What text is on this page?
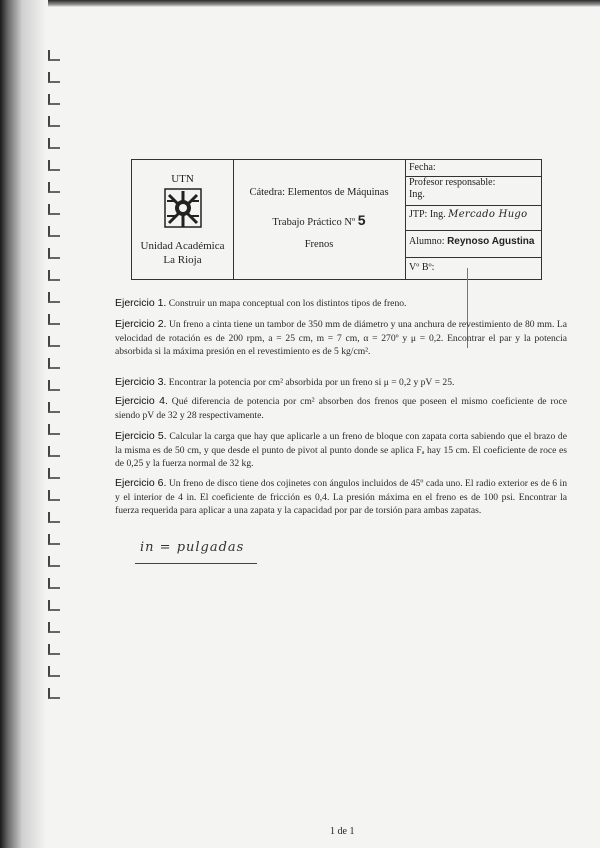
UTN
Unidad Académica
La Rioja
Cátedra: Elementos de Máquinas
Trabajo Práctico Nº 5
Frenos
Fecha:
Profesor responsable:
Ing.
JTP: Ing. Mercado Hugo
Alumno: Reynoso Agustina
Vº Bº:
Ejercicio 1. Construir un mapa conceptual con los distintos tipos de freno.
Ejercicio 2. Un freno a cinta tiene un tambor de 350 mm de diámetro y una anchura de revestimiento de 80 mm. La velocidad de rotación es de 200 rpm, a = 25 cm, m = 7 cm, α = 270º y μ = 0,2. Encontrar el par y la potencia absorbida si la máxima presión en el revestimiento es de 5 kg/cm².
Ejercicio 3. Encontrar la potencia por cm² absorbida por un freno si μ = 0,2 y pV = 25.
Ejercicio 4. Qué diferencia de potencia por cm² absorben dos frenos que poseen el mismo coeficiente de roce siendo pV de 32 y 28 respectivamente.
Ejercicio 5. Calcular la carga que hay que aplicarle a un freno de bloque con zapata corta sabiendo que el brazo de la misma es de 50 cm, y que desde el punto de pivot al punto donde se aplica Fₐ hay 15 cm. El coeficiente de roce es de 0,25 y la fuerza normal de 32 kg.
Ejercicio 6. Un freno de disco tiene dos cojinetes con ángulos incluidos de 45º cada uno. El radio exterior es de 6 in y el interior de 4 in. El coeficiente de fricción es 0,4. La presión máxima en el freno es de 100 psi. Encontrar la fuerza requerida para aplicar a una zapata y la capacidad por par de torsión para ambas zapatas.
in = pulgadas
1 de 1
